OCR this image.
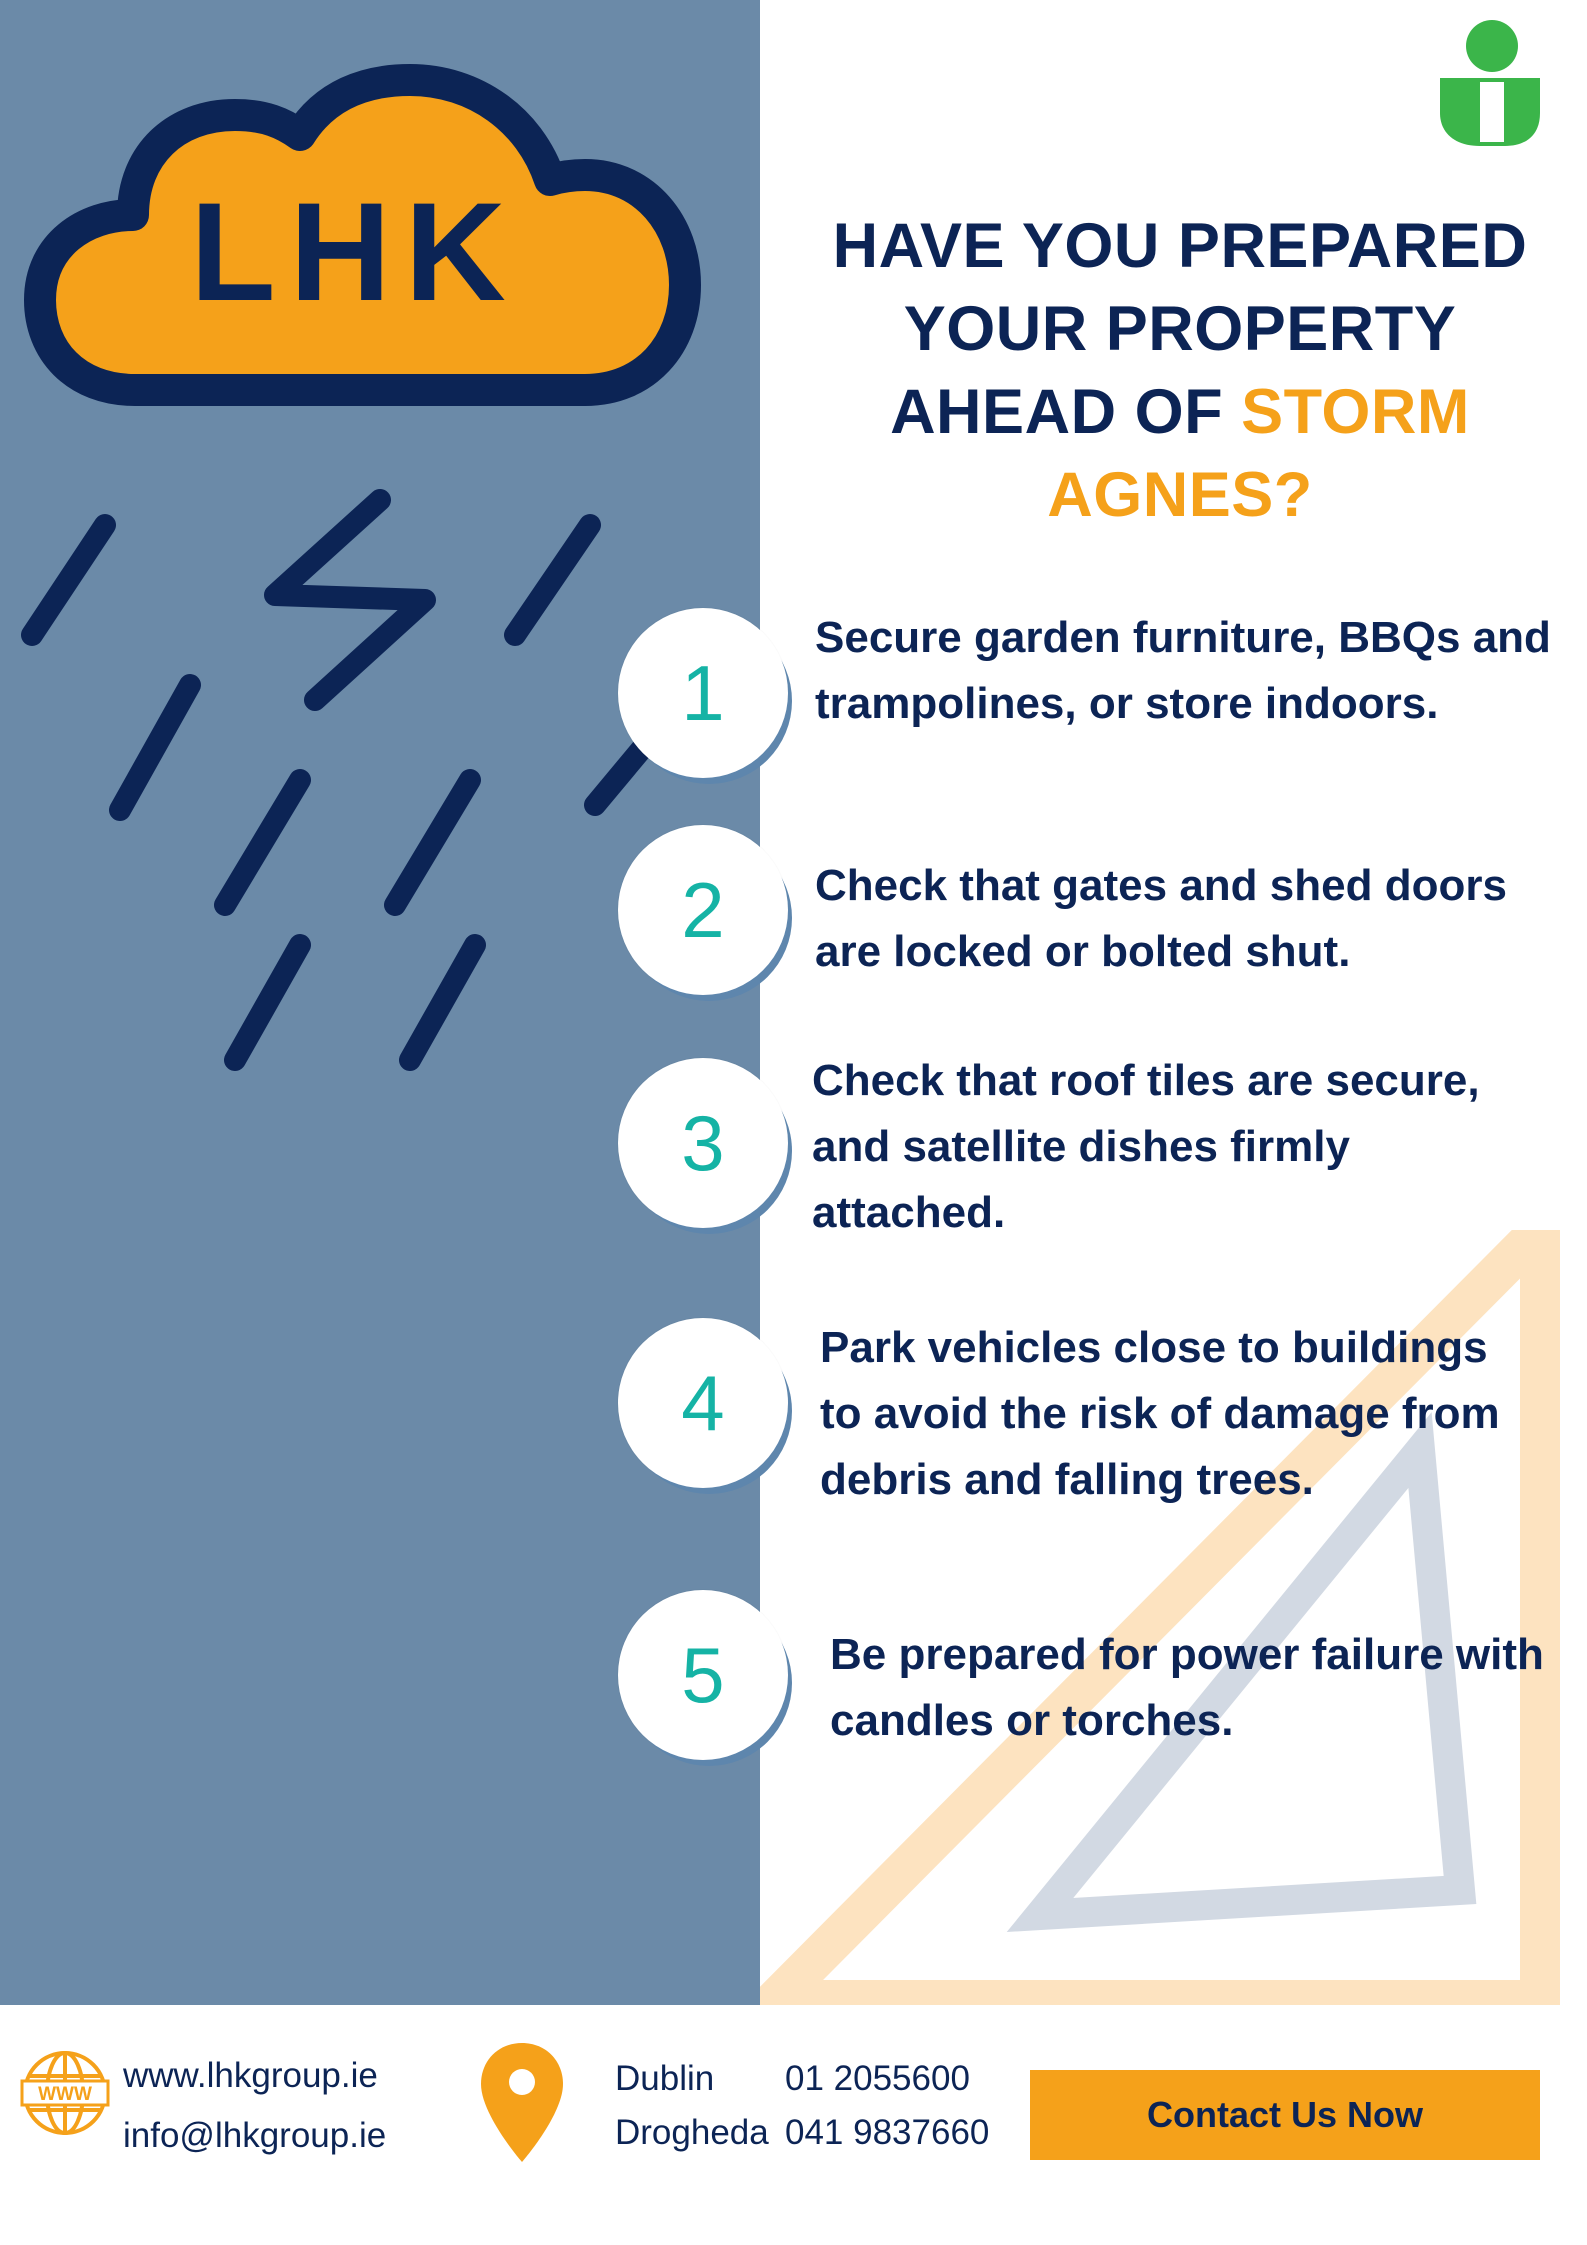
LHK	HAVE YOU PREPARED
YOUR PROPERTY
AHEAD OF STORM
AGNES?
1
Secure garden furniture, BBQs and
trampolines, or store indoors.
2	Check that gates and shed doors
are locked or bolted shut.
3
Check that roof tiles are secure,
and satellite dishes firmly
attached.
4
Park vehicles close to buildings
to avoid the risk of damage from
debris and falling trees.
5	Be prepared for power failure with
candles or torches.
WWW www.lhkgroup.ie
info@lhkgroup.ie
Dublin 01 2055600
Drogheda 041 9837660	Contact Us Now
